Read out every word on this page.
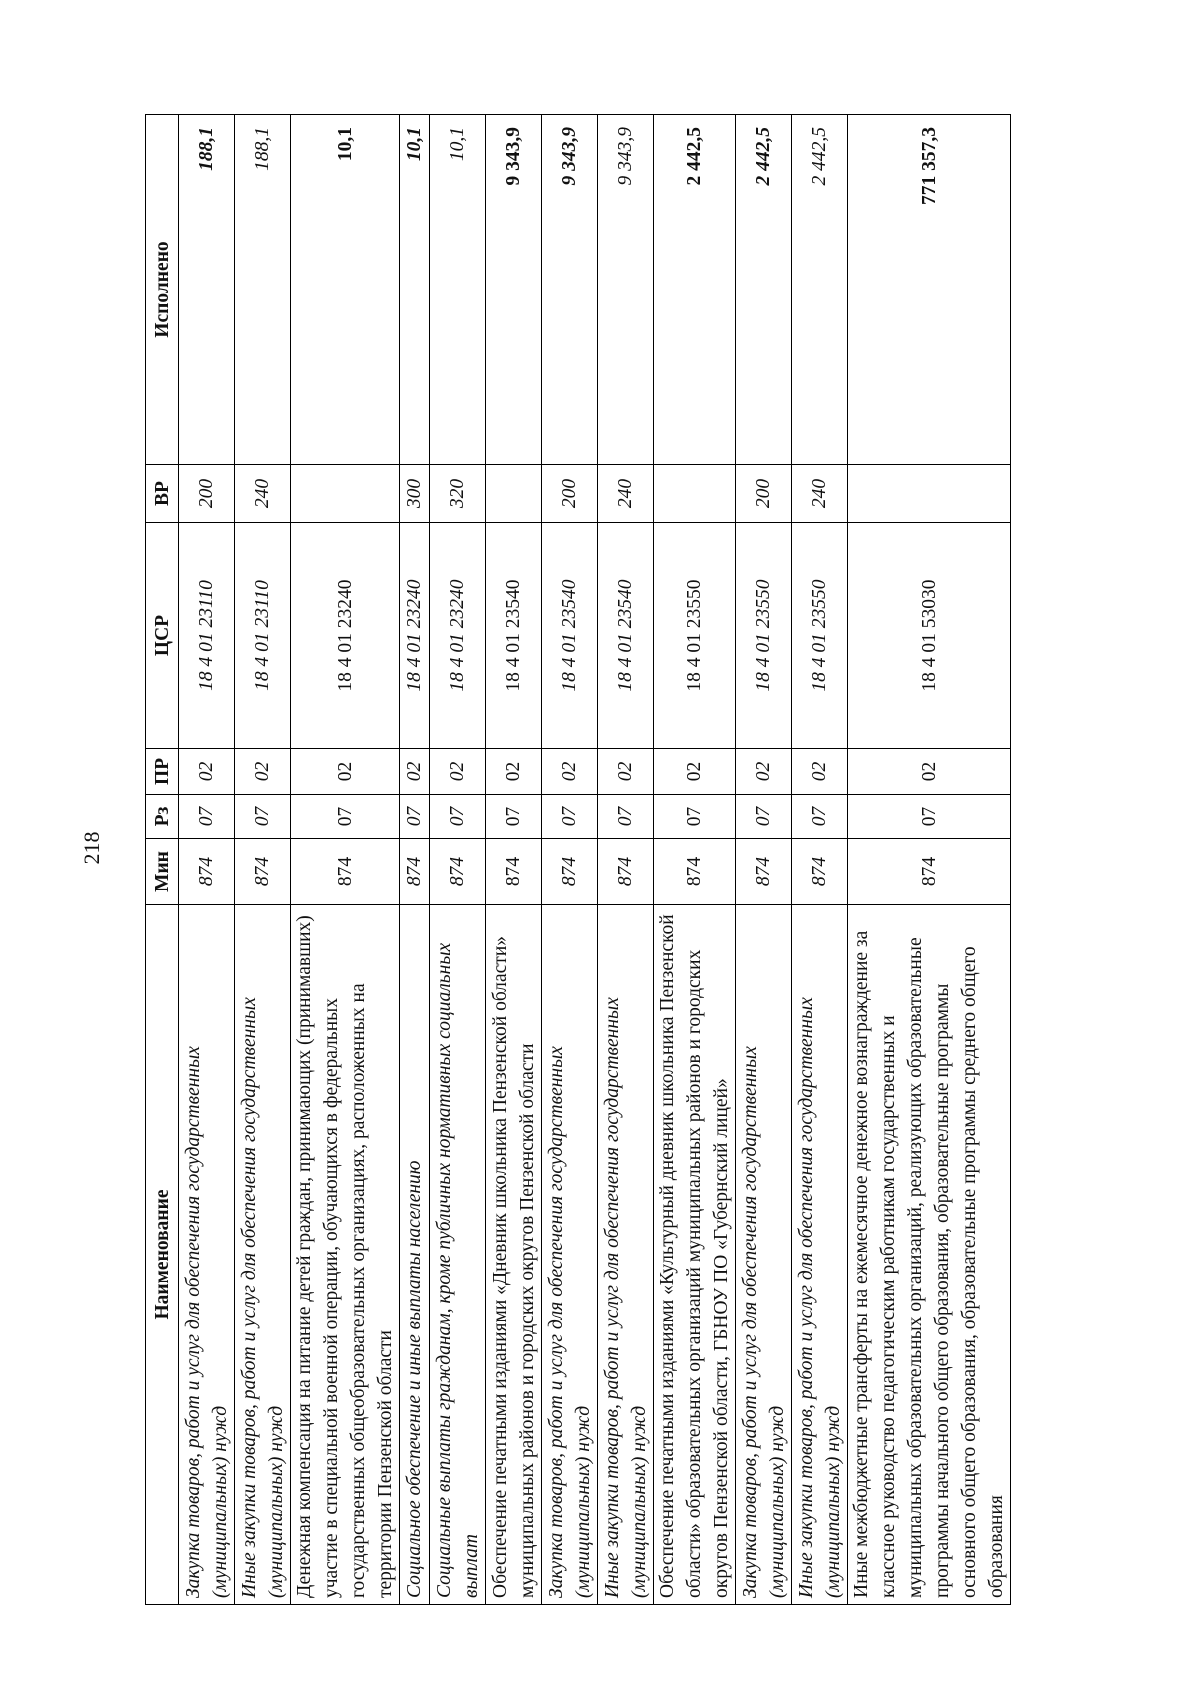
218
Наименование	Мин	Рз	ПР	ЦСР	ВР	Исполнено
Закупка товаров, работ и услуг для обеспечения государственных (муниципальных) нужд	874	07	02	18 4 01 23110	200	188,1
Иные закупки товаров, работ и услуг для обеспечения государственных (муниципальных) нужд	874	07	02	18 4 01 23110	240	188,1
Денежная компенсация на питание детей граждан, принимающих (принимавших) участие в специальной военной операции, обучающихся в федеральных государственных общеобразовательных организациях, расположенных на территории Пензенской области	874	07	02	18 4 01 23240		10,1
Социальное обеспечение и иные выплаты населению	874	07	02	18 4 01 23240	300	10,1
Социальные выплаты гражданам, кроме публичных нормативных социальных выплат	874	07	02	18 4 01 23240	320	10,1
Обеспечение печатными изданиями «Дневник школьника Пензенской области» муниципальных районов и городских округов Пензенской области	874	07	02	18 4 01 23540		9 343,9
Закупка товаров, работ и услуг для обеспечения государственных (муниципальных) нужд	874	07	02	18 4 01 23540	200	9 343,9
Иные закупки товаров, работ и услуг для обеспечения государственных (муниципальных) нужд	874	07	02	18 4 01 23540	240	9 343,9
Обеспечение печатными изданиями «Культурный дневник школьника Пензенской области» образовательных организаций муниципальных районов и городских округов Пензенской области, ГБНОУ ПО «Губернский лицей»	874	07	02	18 4 01 23550		2 442,5
Закупка товаров, работ и услуг для обеспечения государственных (муниципальных) нужд	874	07	02	18 4 01 23550	200	2 442,5
Иные закупки товаров, работ и услуг для обеспечения государственных (муниципальных) нужд	874	07	02	18 4 01 23550	240	2 442,5
Иные межбюджетные трансферты на ежемесячное денежное вознаграждение за классное руководство педагогическим работникам государственных и муниципальных образовательных организаций, реализующих образовательные программы начального общего образования, образовательные программы основного общего образования, образовательные программы среднего общего образования	874	07	02	18 4 01 53030		771 357,3
